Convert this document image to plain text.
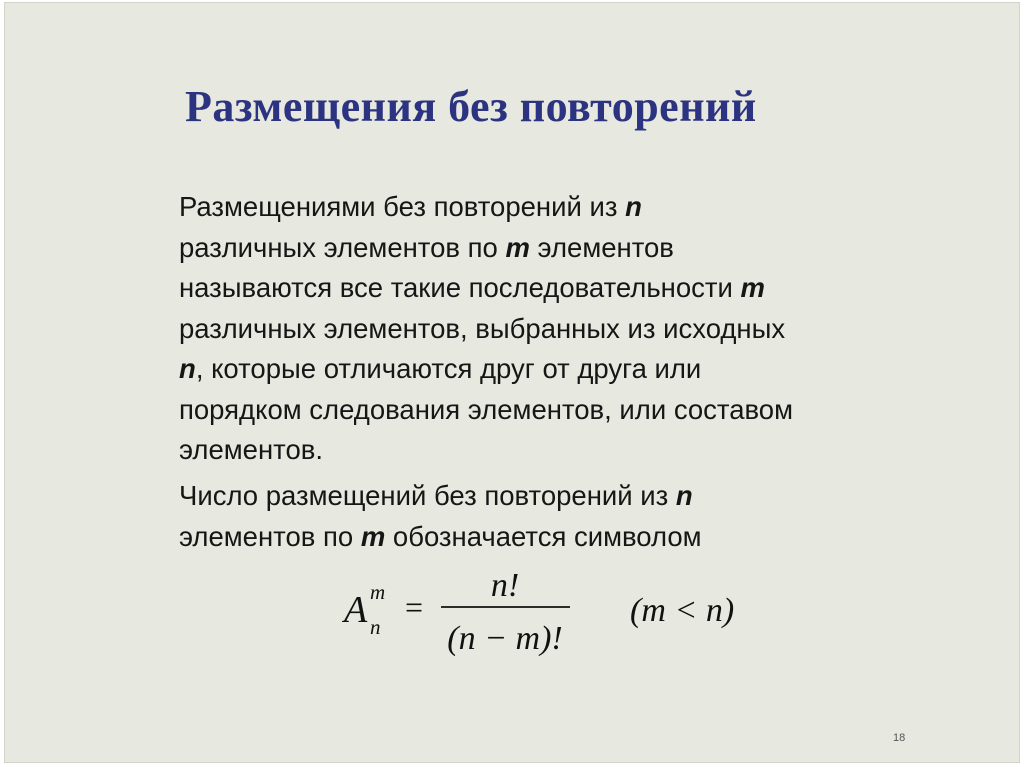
Размещения без повторений

Размещениями без повторений из n
различных элементов по m элементов
называются все такие последовательности m
различных элементов, выбранных из исходных
n, которые отличаются друг от друга или
порядком следования элементов, или составом
элементов.

Число размещений без повторений из n
элементов по m обозначается символом

A m
n
=
n!
(n − m)!
(m < n)
18
